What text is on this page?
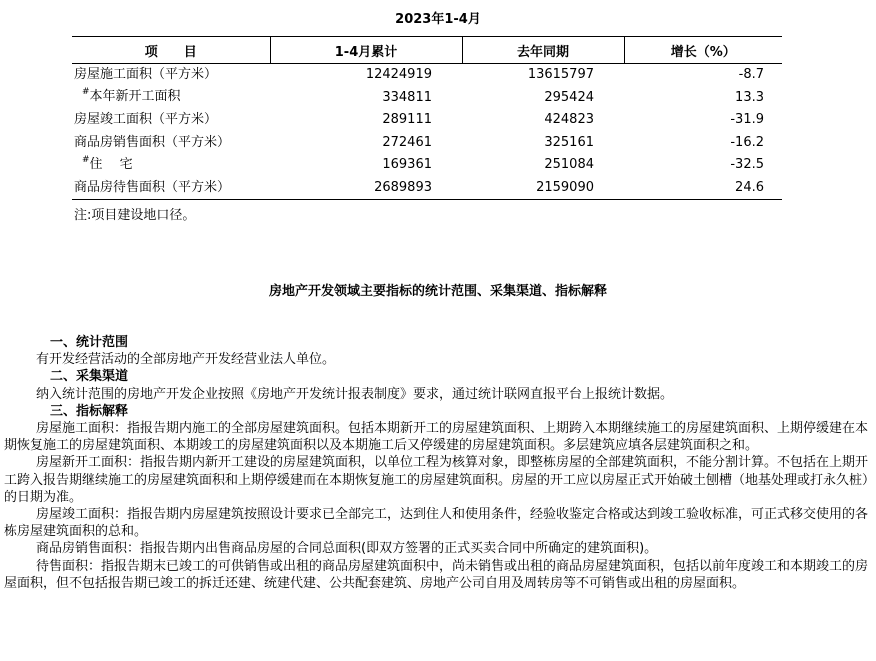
2023年1-4月
项　　目	1-4月累计	去年同期	增长（%）
房屋施工面积（平方米）	12424919	13615797	-8.7
#本年新开工面积	334811	295424	13.3
房屋竣工面积（平方米）	289111	424823	-31.9
商品房销售面积（平方米）	272461	325161	-16.2
#住　 宅	169361	251084	-32.5
商品房待售面积（平方米）	2689893	2159090	24.6
注:项目建设地口径。
房地产开发领域主要指标的统计范围、采集渠道、指标解释
一、统计范围
有开发经营活动的全部房地产开发经营业法人单位。
二、采集渠道
纳入统计范围的房地产开发企业按照《房地产开发统计报表制度》要求，通过统计联网直报平台上报统计数据。
三、指标解释
房屋施工面积：指报告期内施工的全部房屋建筑面积。包括本期新开工的房屋建筑面积、上期跨入本期继续施工的房屋建筑面积、上期停缓建在本期恢复施工的房屋建筑面积、本期竣工的房屋建筑面积以及本期施工后又停缓建的房屋建筑面积。多层建筑应填各层建筑面积之和。
房屋新开工面积：指报告期内新开工建设的房屋建筑面积，以单位工程为核算对象，即整栋房屋的全部建筑面积，不能分割计算。不包括在上期开工跨入报告期继续施工的房屋建筑面积和上期停缓建而在本期恢复施工的房屋建筑面积。房屋的开工应以房屋正式开始破土刨槽（地基处理或打永久桩）的日期为准。
房屋竣工面积：指报告期内房屋建筑按照设计要求已全部完工，达到住人和使用条件，经验收鉴定合格或达到竣工验收标准，可正式移交使用的各栋房屋建筑面积的总和。
商品房销售面积：指报告期内出售商品房屋的合同总面积(即双方签署的正式买卖合同中所确定的建筑面积)。
待售面积：指报告期末已竣工的可供销售或出租的商品房屋建筑面积中，尚未销售或出租的商品房屋建筑面积，包括以前年度竣工和本期竣工的房屋面积，但不包括报告期已竣工的拆迁还建、统建代建、公共配套建筑、房地产公司自用及周转房等不可销售或出租的房屋面积。
